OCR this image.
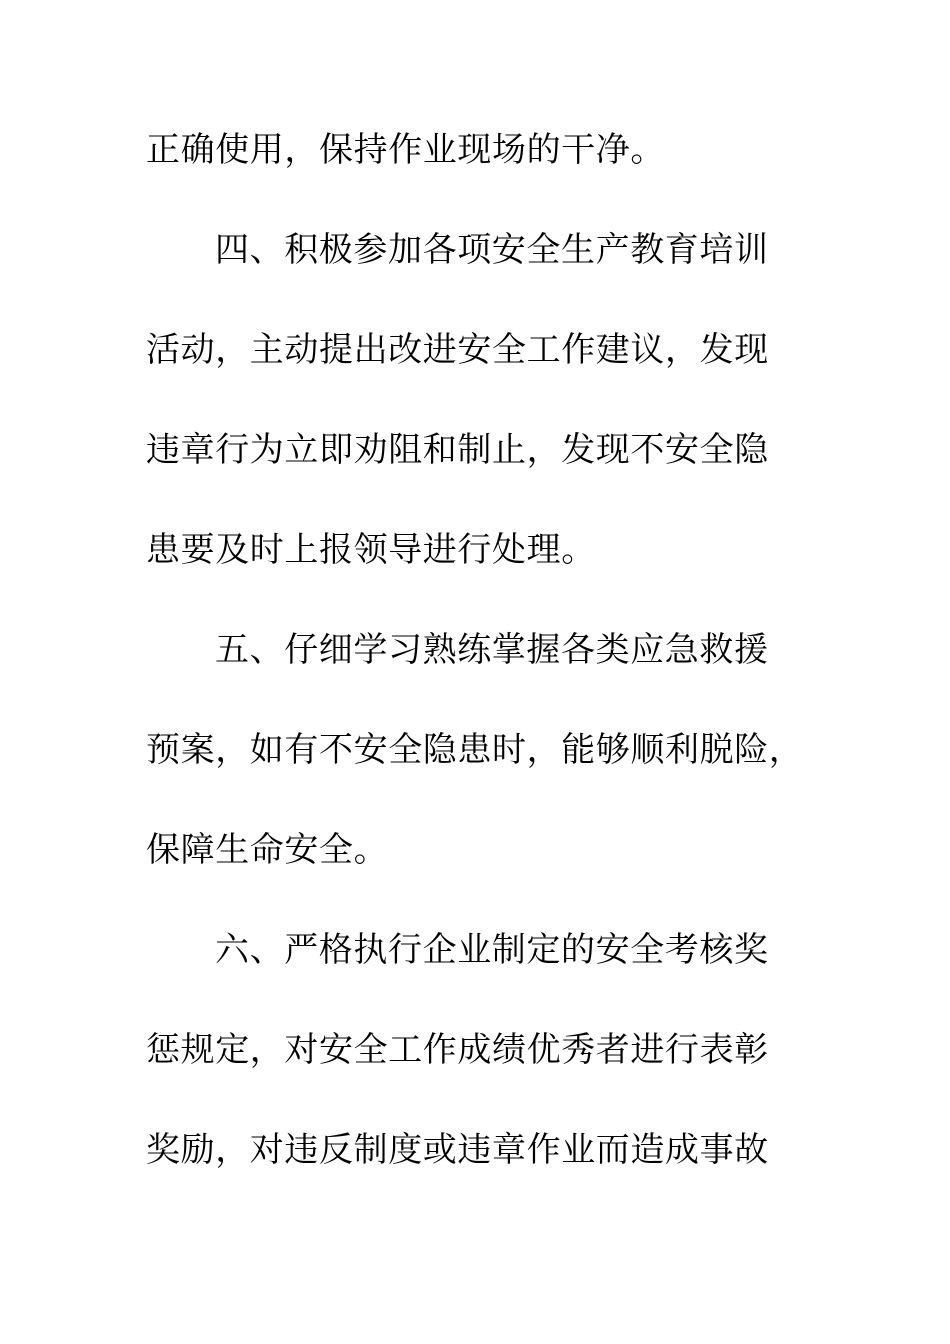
正确使用，保持作业现场的干净。
四、积极参加各项安全生产教育培训
活动，主动提出改进安全工作建议，发现
违章行为立即劝阻和制止，发现不安全隐
患要及时上报领导进行处理。
五、仔细学习熟练掌握各类应急救援
预案，如有不安全隐患时，能够顺利脱险，
保障生命安全。
六、严格执行企业制定的安全考核奖
惩规定，对安全工作成绩优秀者进行表彰
奖励，对违反制度或违章作业而造成事故
